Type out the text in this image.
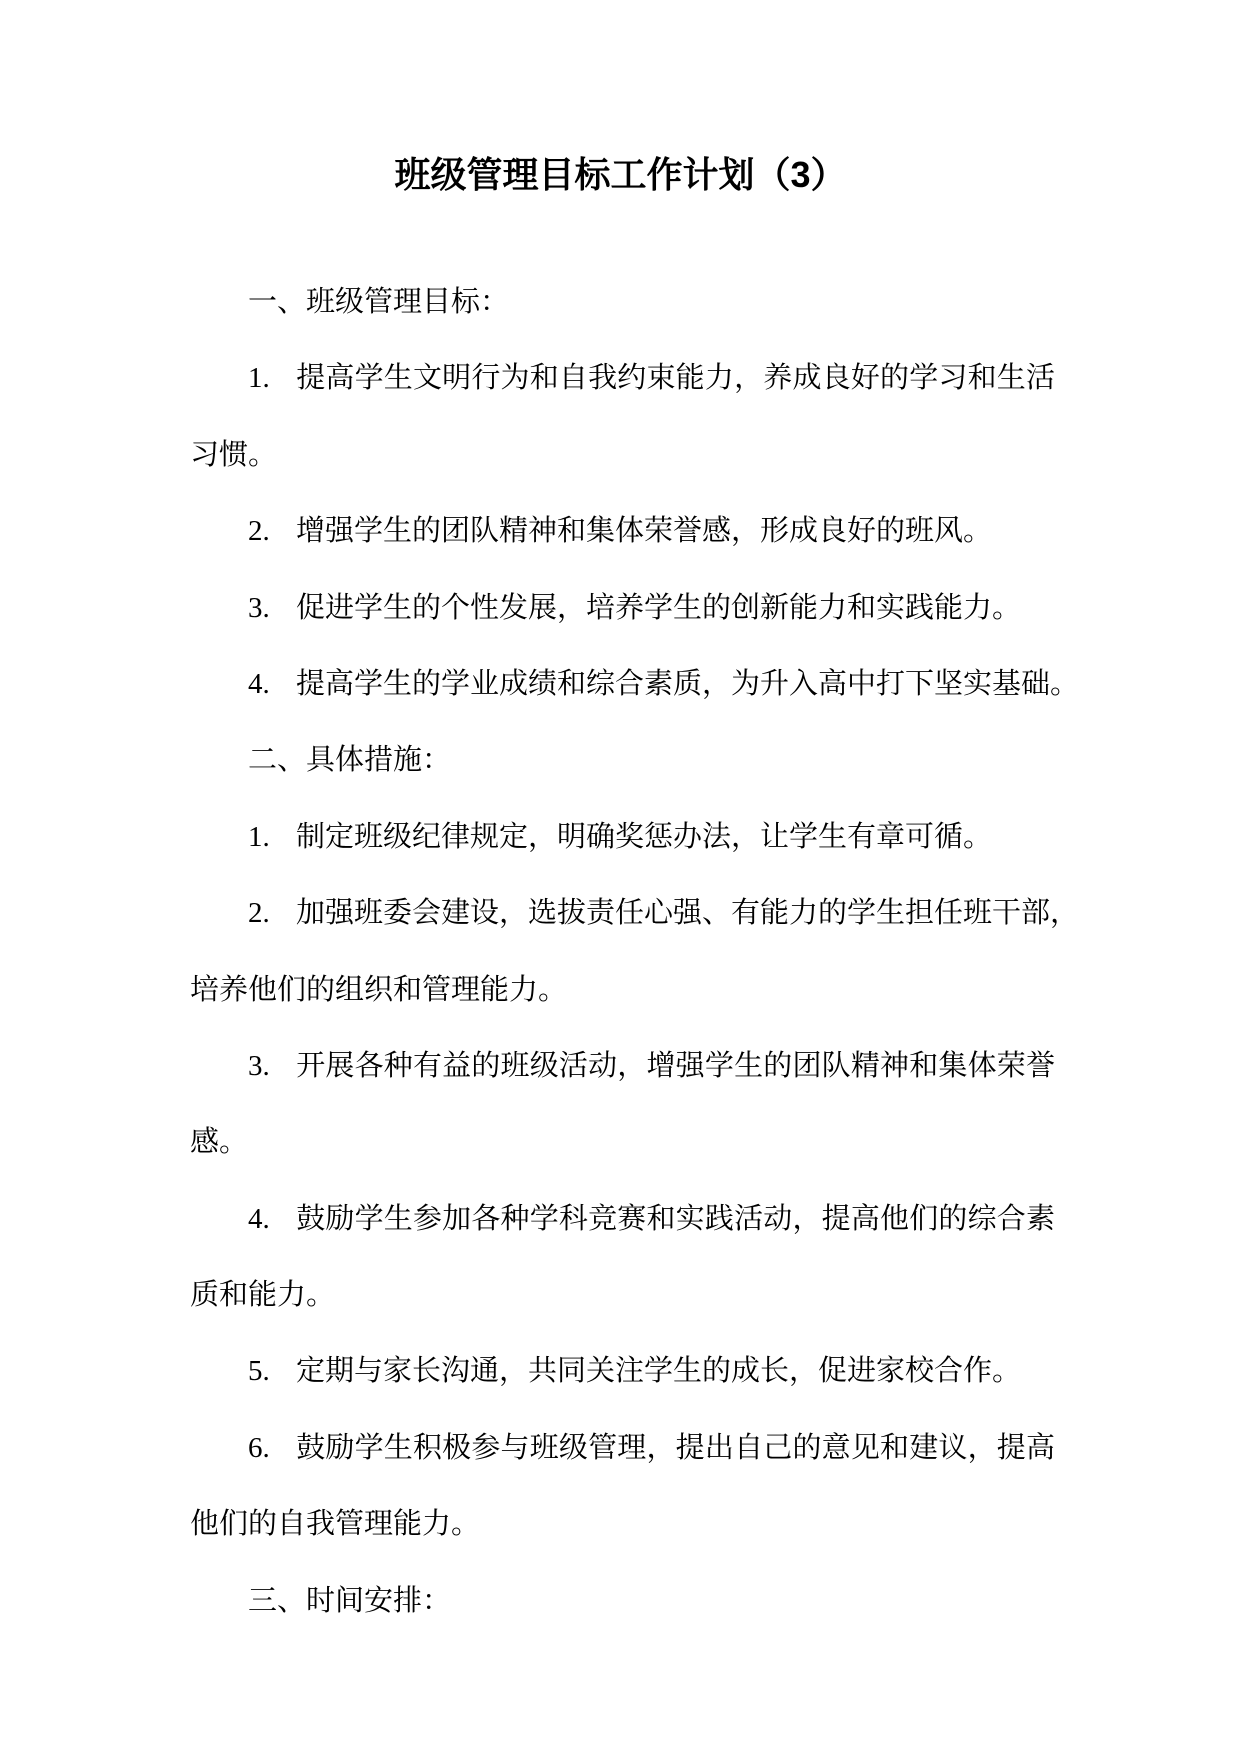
班级管理目标工作计划（3）
一、班级管理目标：
1. 提高学生文明行为和自我约束能力，养成良好的学习和生活
习惯。
2. 增强学生的团队精神和集体荣誉感，形成良好的班风。
3. 促进学生的个性发展，培养学生的创新能力和实践能力。
4. 提高学生的学业成绩和综合素质，为升入高中打下坚实基础。
二、具体措施：
1. 制定班级纪律规定，明确奖惩办法，让学生有章可循。
2. 加强班委会建设，选拔责任心强、有能力的学生担任班干部，
培养他们的组织和管理能力。
3. 开展各种有益的班级活动，增强学生的团队精神和集体荣誉
感。
4. 鼓励学生参加各种学科竞赛和实践活动，提高他们的综合素
质和能力。
5. 定期与家长沟通，共同关注学生的成长，促进家校合作。
6. 鼓励学生积极参与班级管理，提出自己的意见和建议，提高
他们的自我管理能力。
三、时间安排：
